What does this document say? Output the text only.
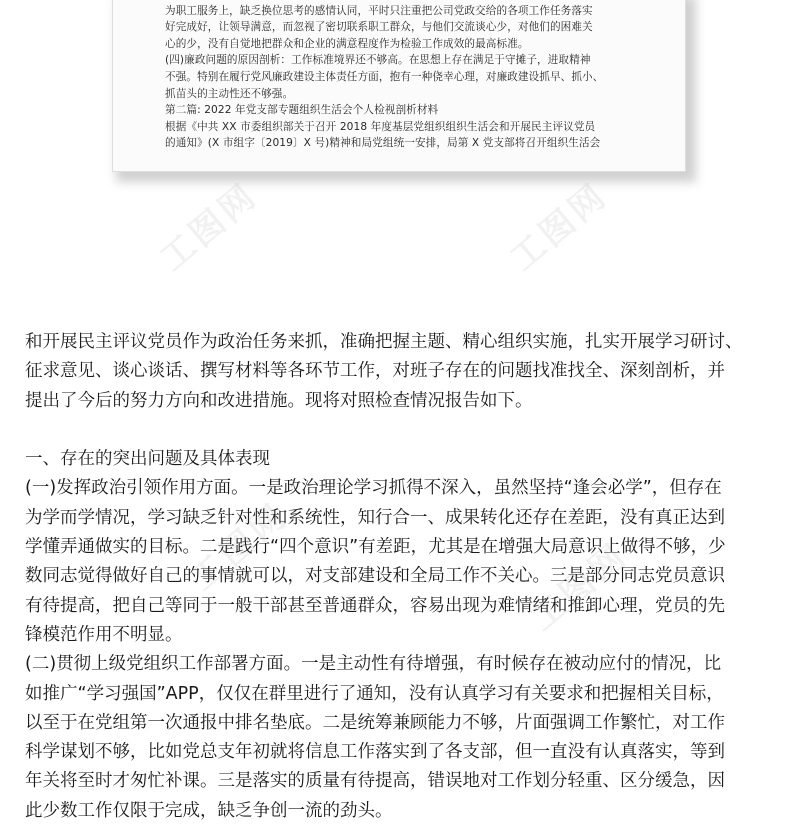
为职工服务上，缺乏换位思考的感情认同，平时只注重把公司党政交给的各项工作任务落实
好完成好，让领导满意，而忽视了密切联系职工群众，与他们交流谈心少，对他们的困难关
心的少，没有自觉地把群众和企业的满意程度作为检验工作成效的最高标准。
(四)廉政问题的原因剖析：工作标准境界还不够高。在思想上存在满足于守摊子，进取精神
不强。特别在履行党风廉政建设主体责任方面，抱有一种侥幸心理，对廉政建设抓早、抓小、
抓苗头的主动性还不够强。
第二篇: 2022 年党支部专题组织生活会个人检视剖析材料
根据《中共 XX 市委组织部关于召开 2018 年度基层党组织组织生活会和开展民主评议党员
的通知》(X 市组字〔2019〕X 号)精神和局党组统一安排，局第 X 党支部将召开组织生活会
和开展民主评议党员作为政治任务来抓，准确把握主题、精心组织实施，扎实开展学习研讨、
征求意见、谈心谈话、撰写材料等各环节工作，对班子存在的问题找准找全、深刻剖析，并
提出了今后的努力方向和改进措施。现将对照检查情况报告如下。
一、存在的突出问题及具体表现
(一)发挥政治引领作用方面。一是政治理论学习抓得不深入，虽然坚持“逢会必学”，但存在
为学而学情况，学习缺乏针对性和系统性，知行合一、成果转化还存在差距，没有真正达到
学懂弄通做实的目标。二是践行“四个意识”有差距，尤其是在增强大局意识上做得不够，少
数同志觉得做好自己的事情就可以，对支部建设和全局工作不关心。三是部分同志党员意识
有待提高，把自己等同于一般干部甚至普通群众，容易出现为难情绪和推卸心理，党员的先
锋模范作用不明显。
(二)贯彻上级党组织工作部署方面。一是主动性有待增强，有时候存在被动应付的情况，比
如推广“学习强国”APP，仅仅在群里进行了通知，没有认真学习有关要求和把握相关目标，
以至于在党组第一次通报中排名垫底。二是统筹兼顾能力不够，片面强调工作繁忙，对工作
科学谋划不够，比如党总支年初就将信息工作落实到了各支部，但一直没有认真落实，等到
年关将至时才匆忙补课。三是落实的质量有待提高，错误地对工作划分轻重、区分缓急，因
此少数工作仅限于完成，缺乏争创一流的劲头。
工图网	工图网
工图网	工图网
